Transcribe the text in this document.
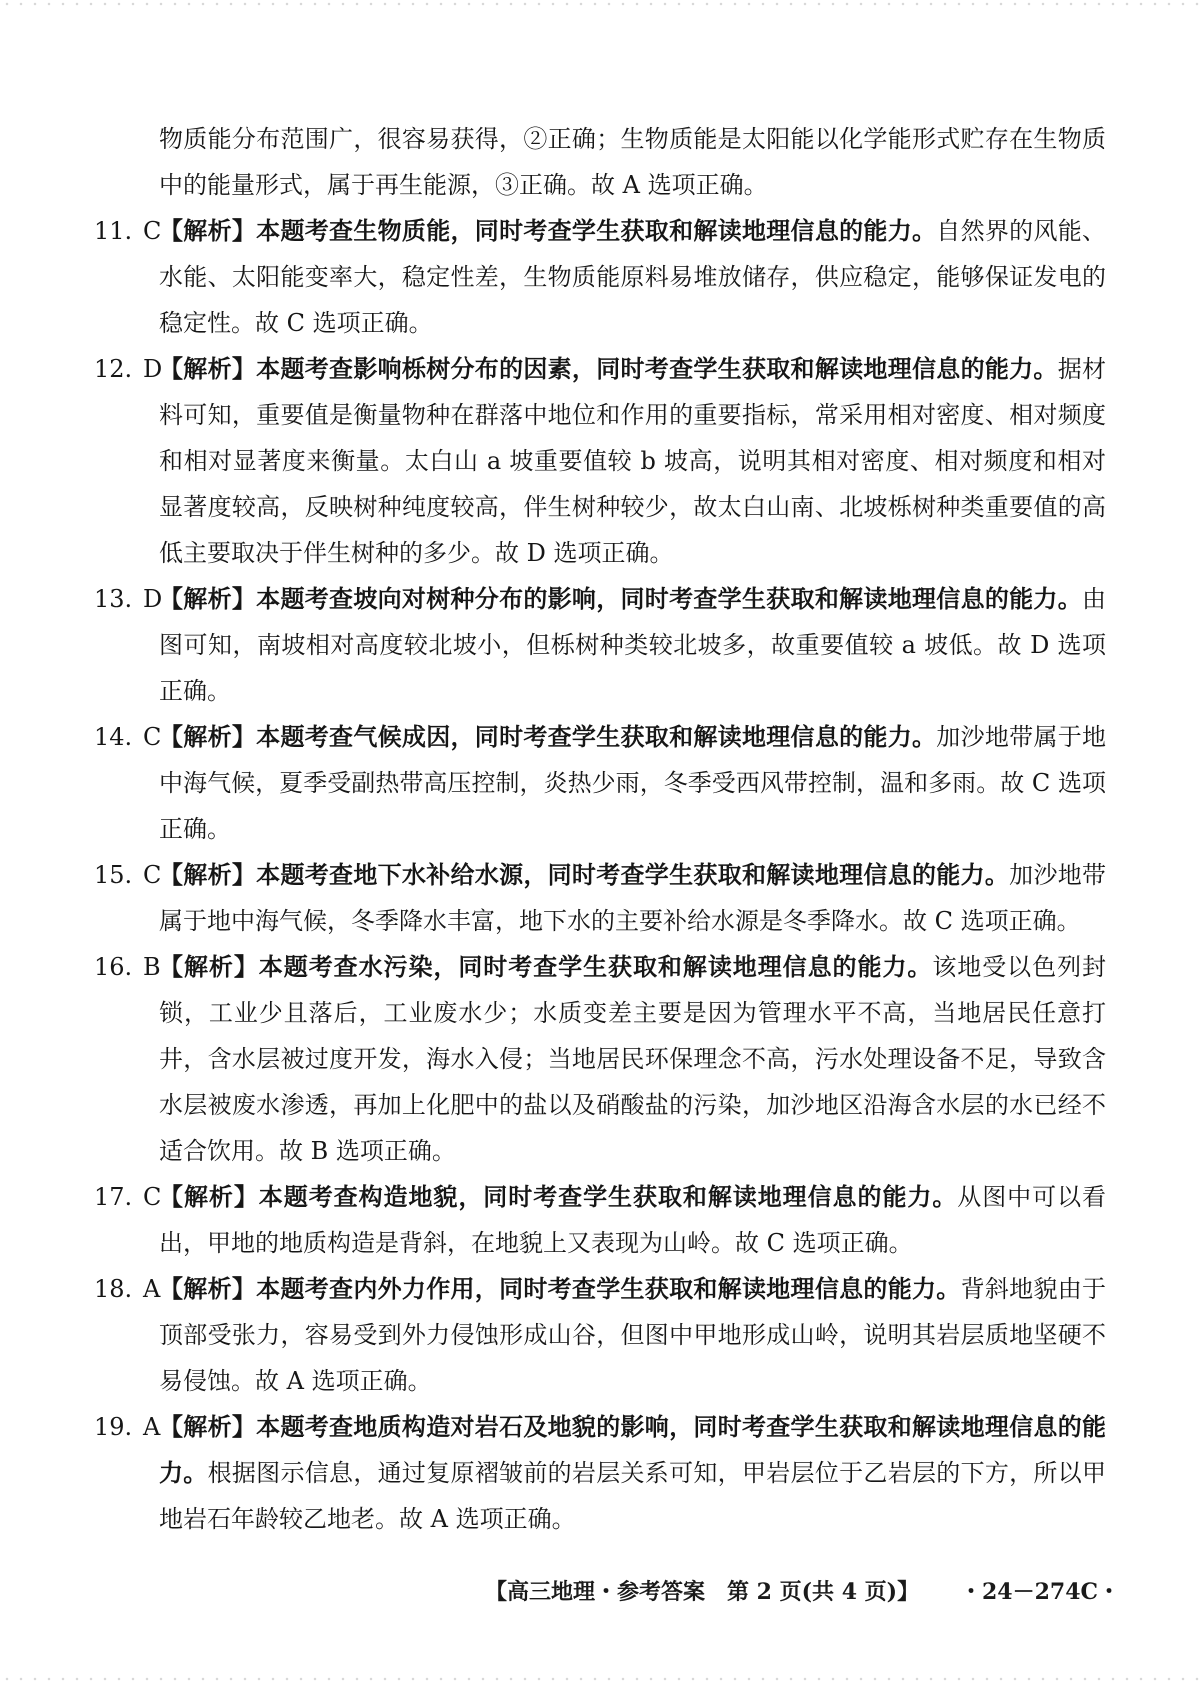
物质能分布范围广，很容易获得，②正确；生物质能是太阳能以化学能形式贮存在生物质中的能量形式，属于再生能源，③正确。故 A 选项正确。

11. C
【解析】本题考查生物质能，同时考查学生获取和解读地理信息的能力。自然界的风能、水能、太阳能变率大，稳定性差，生物质能原料易堆放储存，供应稳定，能够保证发电的稳定性。故 C 选项正确。

12. D
【解析】本题考查影响栎树分布的因素，同时考查学生获取和解读地理信息的能力。据材料可知，重要值是衡量物种在群落中地位和作用的重要指标，常采用相对密度、相对频度和相对显著度来衡量。太白山 a 坡重要值较 b 坡高，说明其相对密度、相对频度和相对显著度较高，反映树种纯度较高，伴生树种较少，故太白山南、北坡栎树种类重要值的高低主要取决于伴生树种的多少。故 D 选项正确。

13. D
【解析】本题考查坡向对树种分布的影响，同时考查学生获取和解读地理信息的能力。由图可知，南坡相对高度较北坡小，但栎树种类较北坡多，故重要值较 a 坡低。故 D 选项正确。

14. C
【解析】本题考查气候成因，同时考查学生获取和解读地理信息的能力。加沙地带属于地中海气候，夏季受副热带高压控制，炎热少雨，冬季受西风带控制，温和多雨。故 C 选项正确。

15. C
【解析】本题考查地下水补给水源，同时考查学生获取和解读地理信息的能力。加沙地带属于地中海气候，冬季降水丰富，地下水的主要补给水源是冬季降水。故 C 选项正确。

16. B
【解析】本题考查水污染，同时考查学生获取和解读地理信息的能力。该地受以色列封锁，工业少且落后，工业废水少；水质变差主要是因为管理水平不高，当地居民任意打井，含水层被过度开发，海水入侵；当地居民环保理念不高，污水处理设备不足，导致含水层被废水渗透，再加上化肥中的盐以及硝酸盐的污染，加沙地区沿海含水层的水已经不适合饮用。故 B 选项正确。

17. C
【解析】本题考查构造地貌，同时考查学生获取和解读地理信息的能力。从图中可以看出，甲地的地质构造是背斜，在地貌上又表现为山岭。故 C 选项正确。

18. A
【解析】本题考查内外力作用，同时考查学生获取和解读地理信息的能力。背斜地貌由于顶部受张力，容易受到外力侵蚀形成山谷，但图中甲地形成山岭，说明其岩层质地坚硬不易侵蚀。故 A 选项正确。

19. A
【解析】本题考查地质构造对岩石及地貌的影响，同时考查学生获取和解读地理信息的能力。根据图示信息，通过复原褶皱前的岩层关系可知，甲岩层位于乙岩层的下方，所以甲地岩石年龄较乙地老。故 A 选项正确。

【高三地理・参考答案　第 2 页(共 4 页)】 ・24－274C・
